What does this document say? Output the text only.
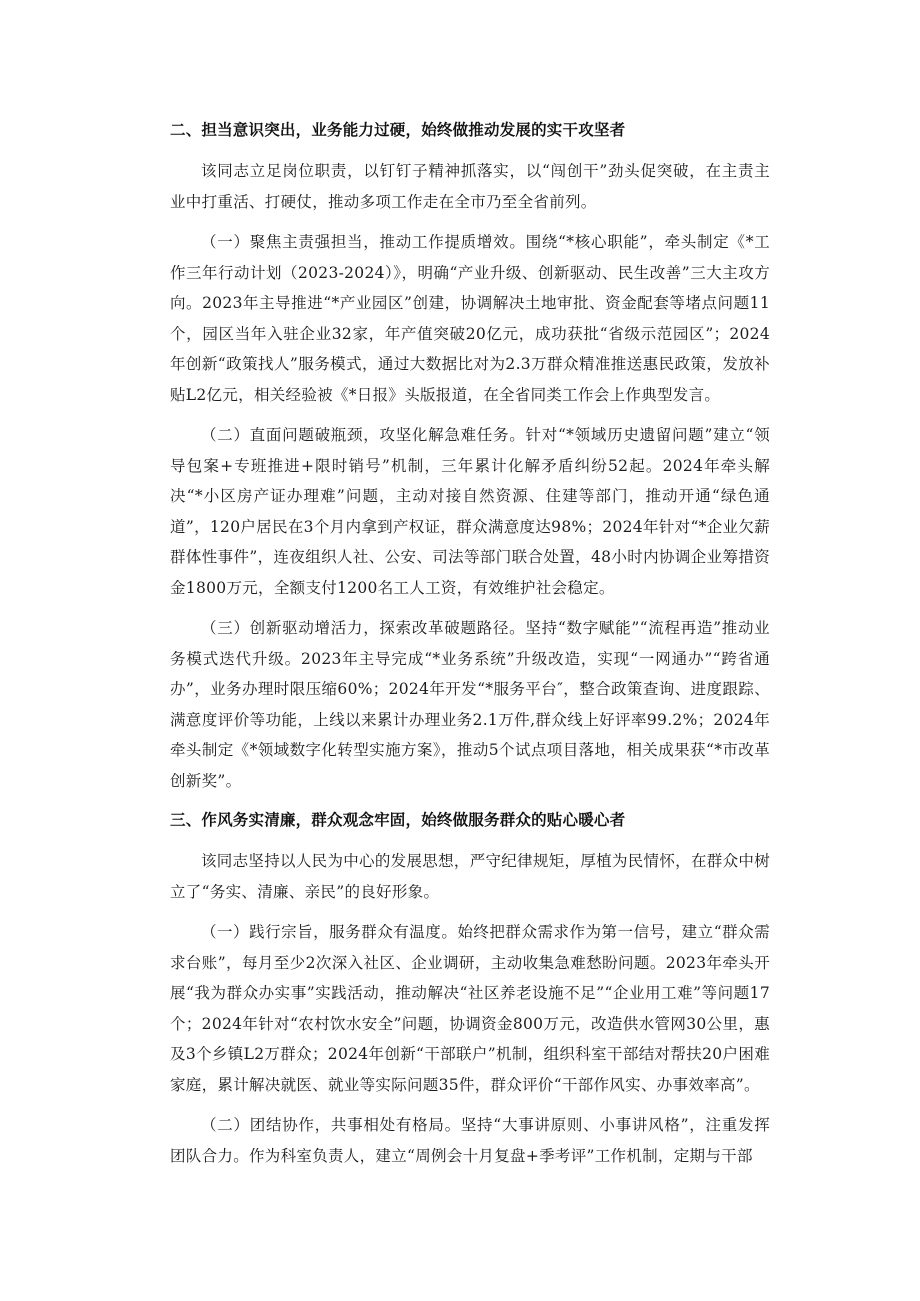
二、担当意识突出，业务能力过硬，始终做推动发展的实干攻坚者

该同志立足岗位职责，以钉钉子精神抓落实，以“闯创干”劲头促突破，在主责主业中打重活、打硬仗，推动多项工作走在全市乃至全省前列。

（一）聚焦主责强担当，推动工作提质增效。围绕“*核心职能”，牵头制定《*工作三年行动计划（2023-2024）》，明确“产业升级、创新驱动、民生改善”三大主攻方向。2023年主导推进“*产业园区”创建，协调解决土地审批、资金配套等堵点问题11个，园区当年入驻企业32家，年产值突破20亿元，成功获批“省级示范园区”；2024年创新“政策找人”服务模式，通过大数据比对为2.3万群众精准推送惠民政策，发放补贴L2亿元，相关经验被《*日报》头版报道，在全省同类工作会上作典型发言。

（二）直面问题破瓶颈，攻坚化解急难任务。针对“*领域历史遗留问题”建立“领导包案+专班推进+限时销号”机制，三年累计化解矛盾纠纷52起。2024年牵头解决“*小区房产证办理难”问题，主动对接自然资源、住建等部门，推动开通“绿色通道”，120户居民在3个月内拿到产权证，群众满意度达98%；2024年针对“*企业欠薪群体性事件”，连夜组织人社、公安、司法等部门联合处置，48小时内协调企业筹措资金1800万元，全额支付1200名工人工资，有效维护社会稳定。

（三）创新驱动增活力，探索改革破题路径。坚持“数字赋能”“流程再造”推动业务模式迭代升级。2023年主导完成“*业务系统”升级改造，实现“一网通办”“跨省通办”，业务办理时限压缩60%；2024年开发“*服务平台″，整合政策查询、进度跟踪、满意度评价等功能，上线以来累计办理业务2.1万件,群众线上好评率99.2%；2024年牵头制定《*领域数字化转型实施方案》，推动5个试点项目落地，相关成果获“*市改革创新奖”。

三、作风务实清廉，群众观念牢固，始终做服务群众的贴心暖心者

该同志坚持以人民为中心的发展思想，严守纪律规矩，厚植为民情怀，在群众中树立了“务实、清廉、亲民”的良好形象。

（一）践行宗旨，服务群众有温度。始终把群众需求作为第一信号，建立“群众需求台账”，每月至少2次深入社区、企业调研，主动收集急难愁盼问题。2023年牵头开展“我为群众办实事”实践活动，推动解决“社区养老设施不足”“企业用工难”等问题17个；2024年针对“农村饮水安全”问题，协调资金800万元，改造供水管网30公里，惠及3个乡镇L2万群众；2024年创新“干部联户”机制，组织科室干部结对帮扶20户困难家庭，累计解决就医、就业等实际问题35件，群众评价“干部作风实、办事效率高”。

（二）团结协作，共事相处有格局。坚持“大事讲原则、小事讲风格”，注重发挥团队合力。作为科室负责人，建立“周例会十月复盘+季考评”工作机制，定期与干部
